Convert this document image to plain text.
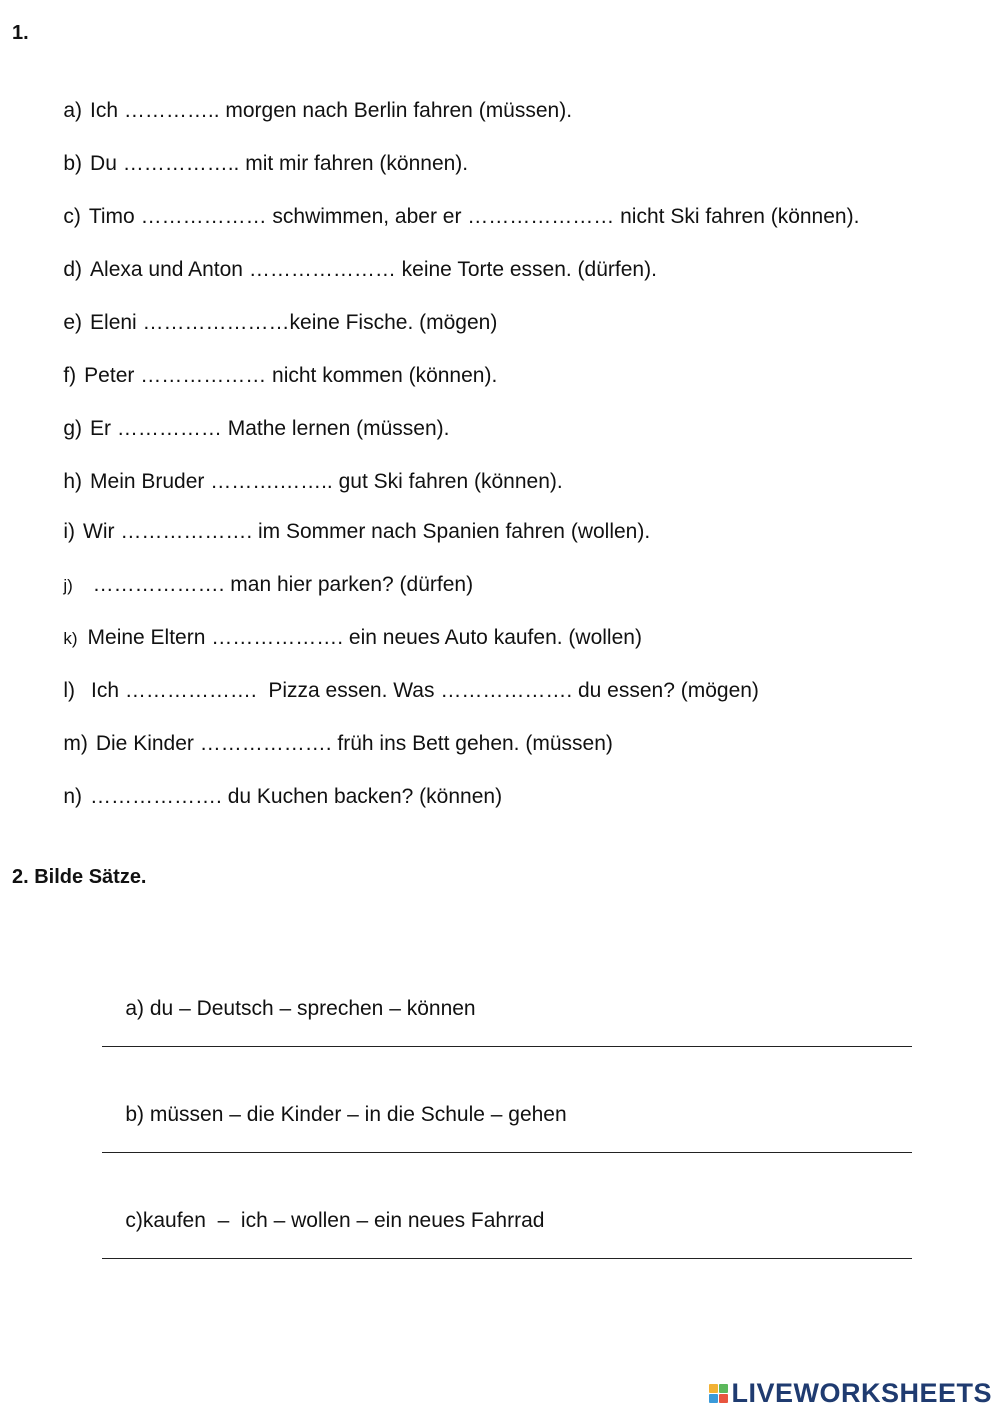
1.

a) Ich ………….. morgen nach Berlin fahren (müssen).

b) Du …………….. mit mir fahren (können).

c) Timo ……………… schwimmen, aber er ………………… nicht Ski fahren (können).

d) Alexa und Anton ………………… keine Torte essen. (dürfen).

e) Eleni …………………keine Fische. (mögen)

f) Peter ……………… nicht kommen (können).

g) Er …………… Mathe lernen (müssen).

h) Mein Bruder ……….…….. gut Ski fahren (können).

i) Wir ………………. im Sommer nach Spanien fahren (wollen).

j) ………………. man hier parken? (dürfen)

k) Meine Eltern ………………. ein neues Auto kaufen. (wollen)

l) Ich ……………….  Pizza essen. Was ………………. du essen? (mögen)

m) Die Kinder ………………. früh ins Bett gehen. (müssen)

n) ………………. du Kuchen backen? (können)

2. Bilde Sätze.

a) du – Deutsch – sprechen – können

b) müssen – die Kinder – in die Schule – gehen

c)kaufen  –  ich – wollen – ein neues Fahrrad

LIVEWORKSHEETS
